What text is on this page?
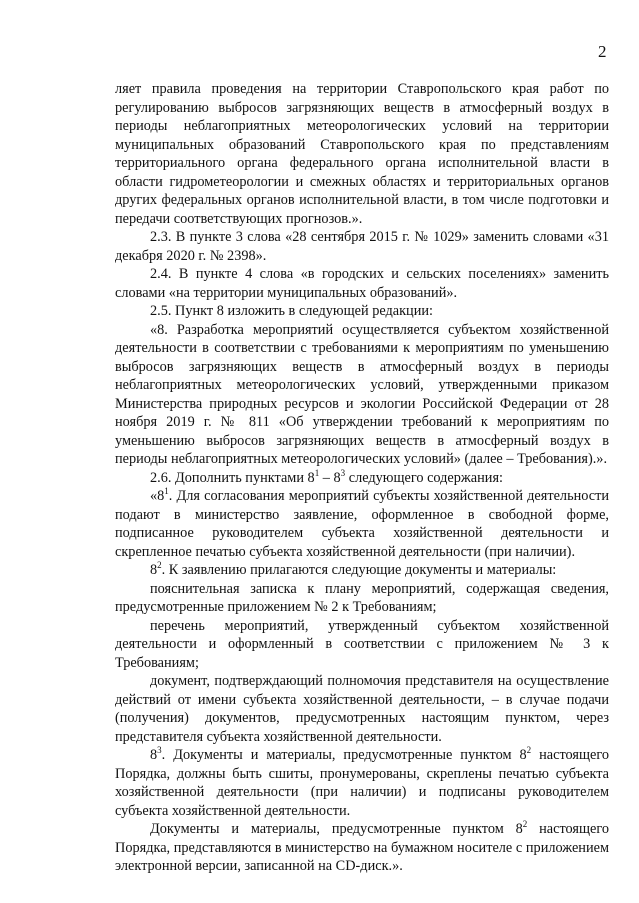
2

ляет правила проведения на территории Ставропольского края работ по регулированию выбросов загрязняющих веществ в атмосферный воздух в периоды неблагоприятных метеорологических условий на территории муниципальных образований Ставропольского края по представлениям территориального органа федерального органа исполнительной власти в области гидрометеорологии и смежных областях и территориальных органов других федеральных органов исполнительной власти, в том числе подготовки и передачи соответствующих прогнозов.».

2.3. В пункте 3 слова «28 сентября 2015 г. № 1029» заменить словами «31 декабря 2020 г. № 2398».

2.4. В пункте 4 слова «в городских и сельских поселениях» заменить словами «на территории муниципальных образований».

2.5. Пункт 8 изложить в следующей редакции:

«8. Разработка мероприятий осуществляется субъектом хозяйственной деятельности в соответствии с требованиями к мероприятиям по уменьшению выбросов загрязняющих веществ в атмосферный воздух в периоды неблагоприятных метеорологических условий, утвержденными приказом Министерства природных ресурсов и экологии Российской Федерации от 28 ноября 2019 г. № 811 «Об утверждении требований к мероприятиям по уменьшению выбросов загрязняющих веществ в атмосферный воздух в периоды неблагоприятных метеорологических условий» (далее – Требования).».

2.6. Дополнить пунктами $8^1 - 8^3$ следующего содержания:

«$8^1$. Для согласования мероприятий субъекты хозяйственной деятельности подают в министерство заявление, оформленное в свободной форме, подписанное руководителем субъекта хозяйственной деятельности и скрепленное печатью субъекта хозяйственной деятельности (при наличии).

$8^2$. К заявлению прилагаются следующие документы и материалы:

пояснительная записка к плану мероприятий, содержащая сведения, предусмотренные приложением № 2 к Требованиям;

перечень мероприятий, утвержденный субъектом хозяйственной деятельности и оформленный в соответствии с приложением № 3 к Требованиям;

документ, подтверждающий полномочия представителя на осуществление действий от имени субъекта хозяйственной деятельности, – в случае подачи (получения) документов, предусмотренных настоящим пунктом, через представителя субъекта хозяйственной деятельности.

$8^3$. Документы и материалы, предусмотренные пунктом $8^2$ настоящего Порядка, должны быть сшиты, пронумерованы, скреплены печатью субъекта хозяйственной деятельности (при наличии) и подписаны руководителем субъекта хозяйственной деятельности.

Документы и материалы, предусмотренные пунктом $8^2$ настоящего Порядка, представляются в министерство на бумажном носителе с приложением электронной версии, записанной на CD-диск.».
